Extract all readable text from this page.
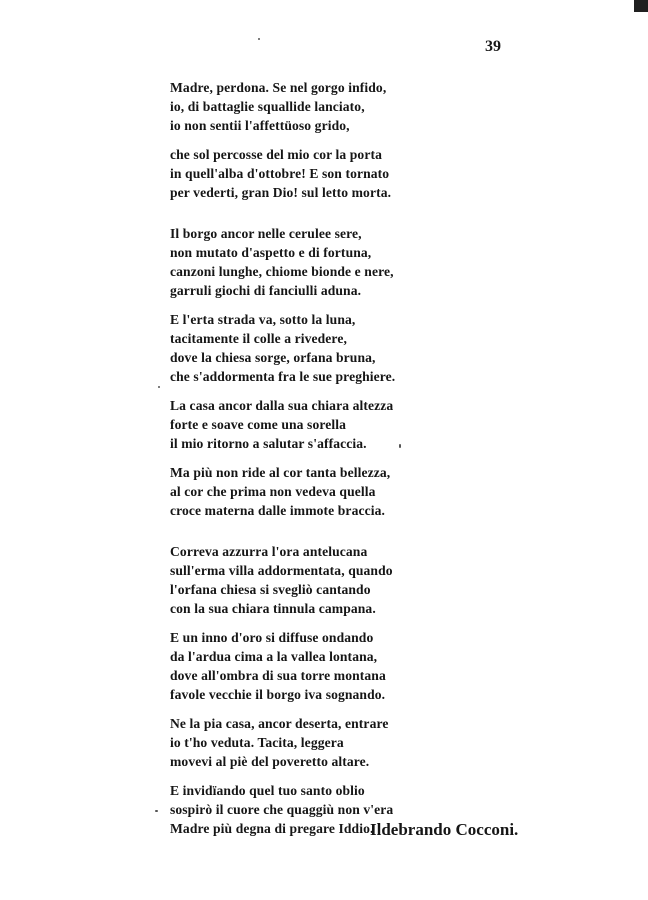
39
Madre, perdona. Se nel gorgo infido,
io, di battaglie squallide lanciato,
io non sentii l'affettüoso grido,
che sol percosse del mio cor la porta
in quell'alba d'ottobre! E son tornato
per vederti, gran Dio! sul letto morta.
Il borgo ancor nelle cerulee sere,
non mutato d'aspetto e di fortuna,
canzoni lunghe, chiome bionde e nere,
garruli giochi di fanciulli aduna.
E l'erta strada va, sotto la luna,
tacitamente il colle a rivedere,
dove la chiesa sorge, orfana bruna,
che s'addormenta fra le sue preghiere.
La casa ancor dalla sua chiara altezza
forte e soave come una sorella
il mio ritorno a salutar s'affaccia.
Ma più non ride al cor tanta bellezza,
al cor che prima non vedeva quella
croce materna dalle immote braccia.
Correva azzurra l'ora antelucana
sull'erma villa addormentata, quando
l'orfana chiesa si svegliò cantando
con la sua chiara tinnula campana.
E un inno d'oro si diffuse ondando
da l'ardua cima a la vallea lontana,
dove all'ombra di sua torre montana
favole vecchie il borgo iva sognando.
Ne la pia casa, ancor deserta, entrare
io t'ho veduta. Tacita, leggera
movevi al piè del poveretto altare.
E invidïando quel tuo santo oblio
sospirò il cuore che quaggiù non v'era
Madre più degna di pregare Iddio.
Ildebrando Cocconi.
